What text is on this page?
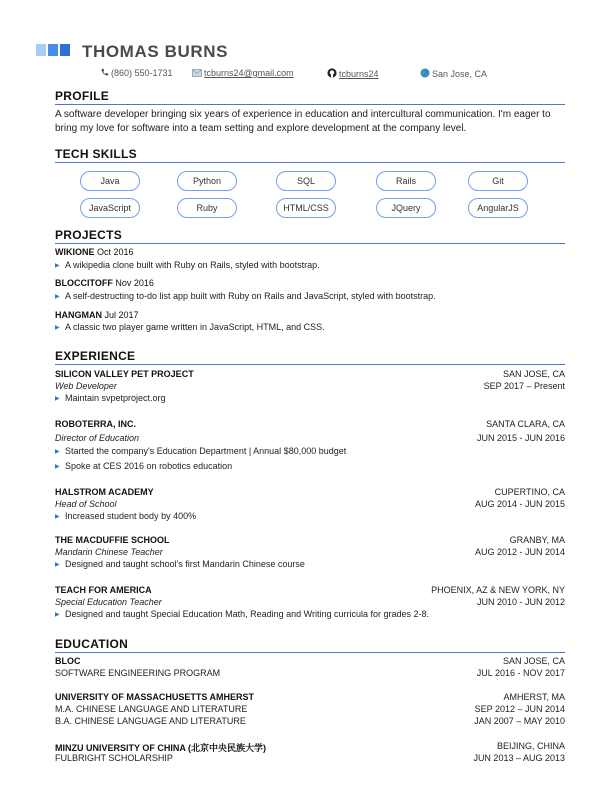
THOMAS BURNS
(860) 550-1731	tcburns24@gmail.com	tcburns24	San Jose, CA
PROFILE
A software developer bringing six years of experience in education and intercultural communication. I'm eager to bring my love for software into a team setting and explore development at the company level.
TECH SKILLS
Java	Python	SQL	Rails	Git
JavaScript	Ruby	HTML/CSS	JQuery	AngularJS
PROJECTS
WIKIONE Oct 2016
▶ A wikipedia clone built with Ruby on Rails, styled with bootstrap.
BLOCCITOFF Nov 2016
▶ A self-destructing to-do list app built with Ruby on Rails and JavaScript, styled with bootstrap.
HANGMAN Jul 2017
▶ A classic two player game written in JavaScript, HTML, and CSS.
EXPERIENCE
SILICON VALLEY PET PROJECT	SAN JOSE, CA
Web Developer	SEP 2017 – Present
▶ Maintain svpetproject.org
ROBOTERRA, INC.	SANTA CLARA, CA
Director of Education	JUN 2015 - JUN 2016
▶ Started the company's Education Department | Annual $80,000 budget
▶ Spoke at CES 2016 on robotics education
HALSTROM ACADEMY	CUPERTINO, CA
Head of School	AUG 2014 - JUN 2015
▶ Increased student body by 400%
THE MACDUFFIE SCHOOL	GRANBY, MA
Mandarin Chinese Teacher	AUG 2012 - JUN 2014
▶ Designed and taught school's first Mandarin Chinese course
TEACH FOR AMERICA	PHOENIX, AZ & NEW YORK, NY
Special Education Teacher	JUN 2010 - JUN 2012
▶ Designed and taught Special Education Math, Reading and Writing curricula for grades 2-8.
EDUCATION
BLOC	SAN JOSE, CA
SOFTWARE ENGINEERING PROGRAM	JUL 2016 - NOV 2017
UNIVERSITY OF MASSACHUSETTS AMHERST	AMHERST, MA
M.A. CHINESE LANGUAGE AND LITERATURE	SEP 2012 – JUN 2014
B.A. CHINESE LANGUAGE AND LITERATURE	JAN 2007 – MAY 2010
MINZU UNIVERSITY OF CHINA (北京中央民族大学)	BEIJING, CHINA
FULBRIGHT SCHOLARSHIP	JUN 2013 – AUG 2013
